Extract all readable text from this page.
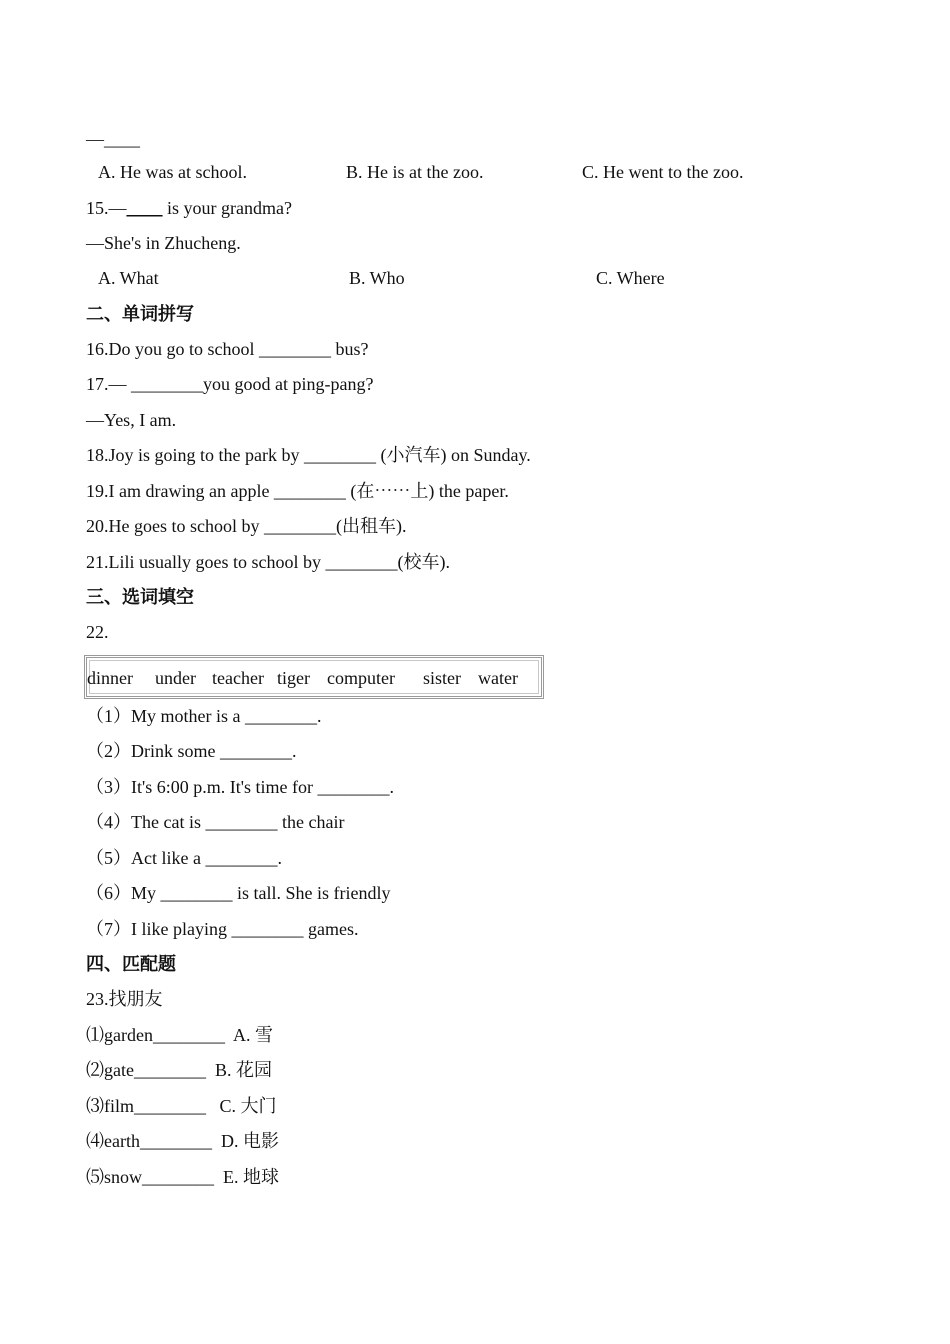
—____
A. He was at school.	B. He is at the zoo.	C. He went to the zoo.
15.—____ is your grandma?
—She's in Zhucheng.
A. What	B. Who	C. Where
二、单词拼写
16.Do you go to school ________ bus?
17.— ________you good at ping-pang?
—Yes, I am.
18.Joy is going to the park by ________ (小汽车) on Sunday.
19.I am drawing an apple ________ (在⋯⋯上) the paper.
20.He goes to school by ________(出租车).
21.Lili usually goes to school by ________(校车).
三、选词填空
22.
dinner under teacher tiger computer sister water
（1）My mother is a ________.
（2）Drink some ________.
（3）It's 6:00 p.m. It's time for ________.
（4）The cat is ________ the chair
（5）Act like a ________.
（6）My ________ is tall. She is friendly
（7）I like playing ________ games.
四、匹配题
23.找朋友
⑴garden________ A. 雪
⑵gate________ B. 花园
⑶film________ C. 大门
⑷earth________ D. 电影
⑸snow________ E. 地球
